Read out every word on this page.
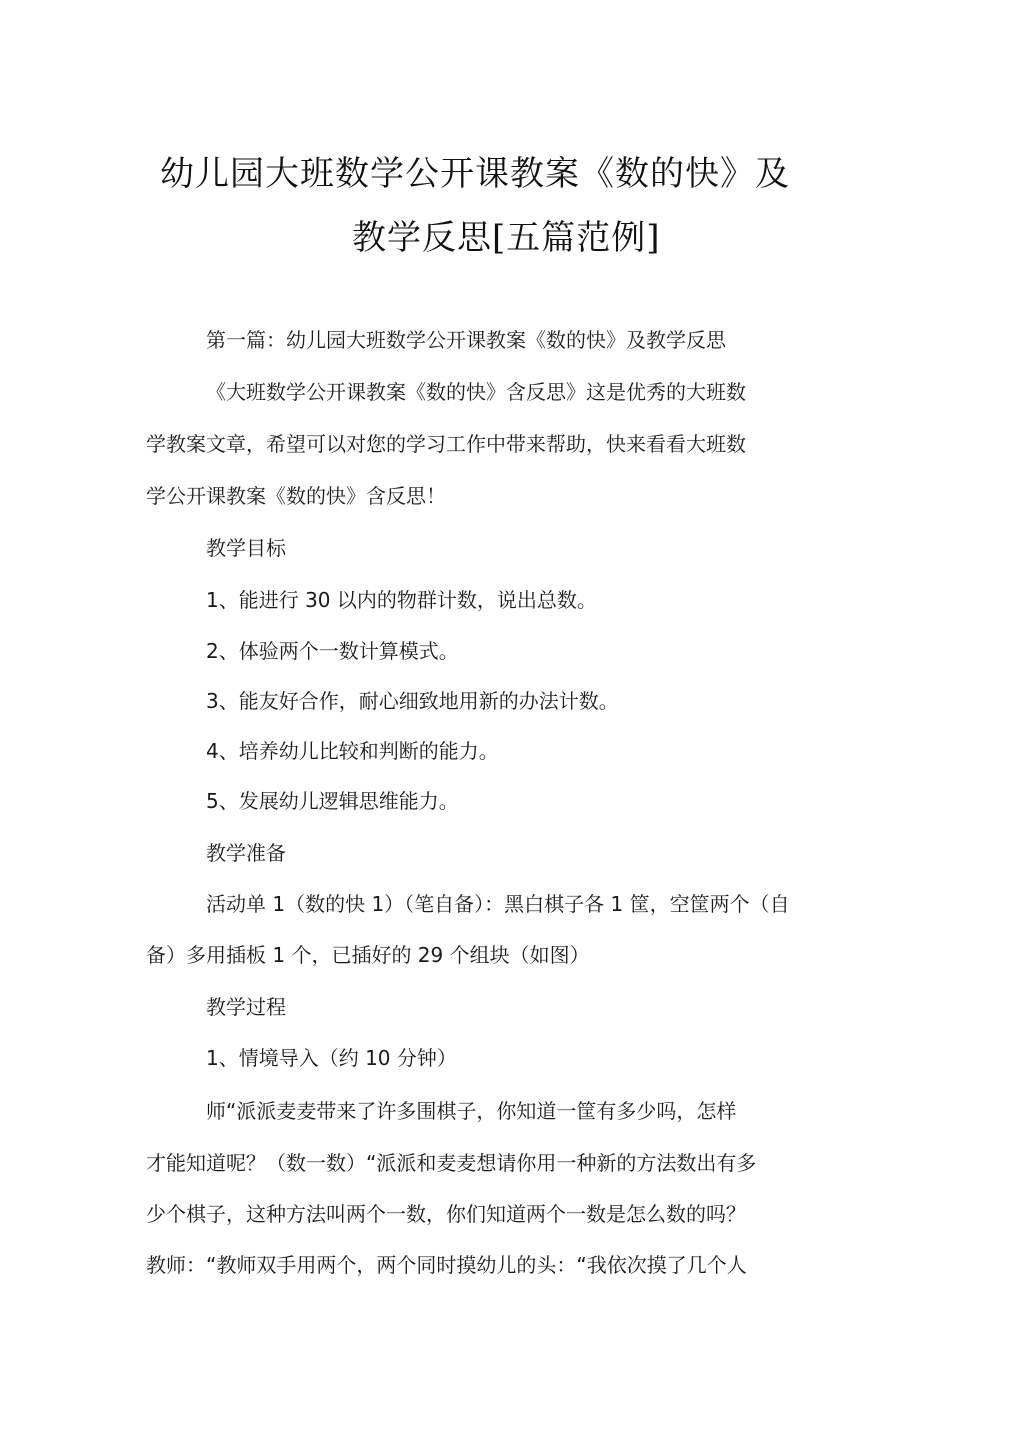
幼儿园大班数学公开课教案《数的快》及
教学反思[五篇范例]
第一篇：幼儿园大班数学公开课教案《数的快》及教学反思
《大班数学公开课教案《数的快》含反思》这是优秀的大班数
学教案文章，希望可以对您的学习工作中带来帮助，快来看看大班数
学公开课教案《数的快》含反思！
教学目标
1、能进行 30 以内的物群计数，说出总数。
2、体验两个一数计算模式。
3、能友好合作，耐心细致地用新的办法计数。
4、培养幼儿比较和判断的能力。
5、发展幼儿逻辑思维能力。
教学准备
活动单 1（数的快 1）（笔自备）：黑白棋子各 1 筐，空筐两个（自
备）多用插板 1 个，已插好的 29 个组块（如图）
教学过程
1、情境导入（约 10 分钟）
师“派派麦麦带来了许多围棋子，你知道一筐有多少吗，怎样
才能知道呢？（数一数）“派派和麦麦想请你用一种新的方法数出有多
少个棋子，这种方法叫两个一数，你们知道两个一数是怎么数的吗？
教师：“教师双手用两个，两个同时摸幼儿的头：“我依次摸了几个人
